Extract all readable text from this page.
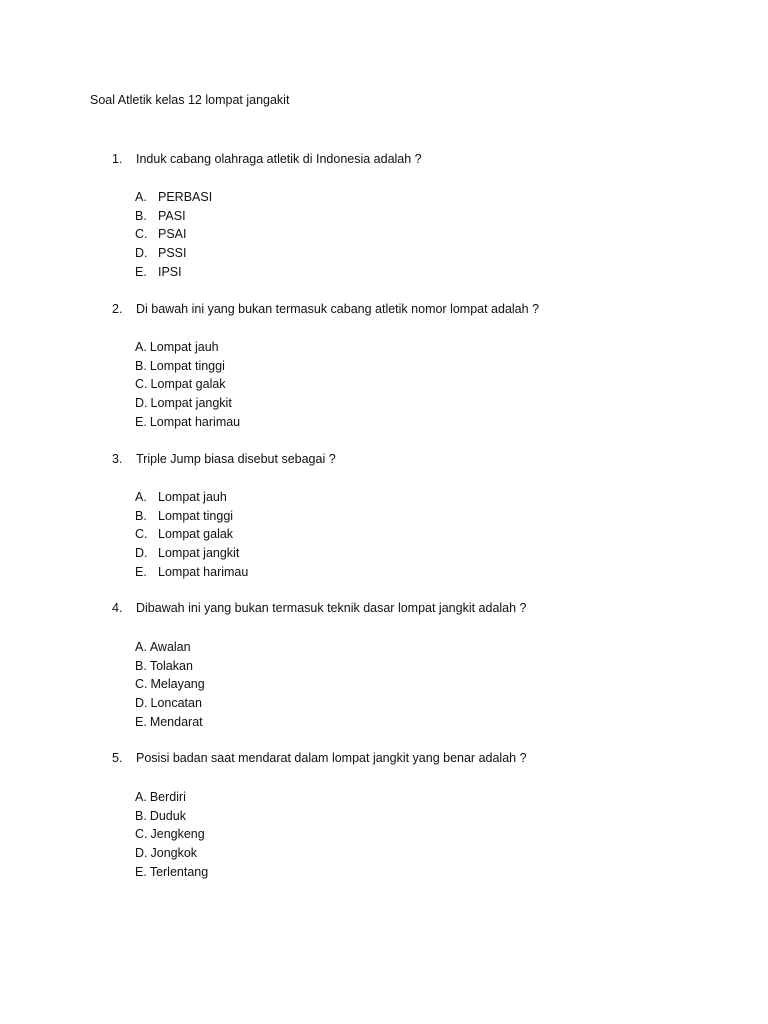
Soal Atletik kelas 12 lompat jangakit
1.	Induk cabang olahraga atletik di Indonesia adalah ?
A. PERBASI
B. PASI
C. PSAI
D. PSSI
E. IPSI
2.	Di bawah ini yang bukan termasuk cabang atletik nomor lompat adalah ?
A. Lompat jauh
B. Lompat tinggi
C. Lompat galak
D. Lompat jangkit
E. Lompat harimau
3.	Triple Jump biasa disebut sebagai ?
A. Lompat jauh
B. Lompat tinggi
C. Lompat galak
D. Lompat jangkit
E. Lompat harimau
4.	Dibawah ini yang bukan termasuk teknik dasar lompat jangkit adalah ?
A. Awalan
B. Tolakan
C. Melayang
D. Loncatan
E. Mendarat
5.	Posisi badan saat mendarat dalam lompat jangkit yang benar adalah ?
A. Berdiri
B. Duduk
C. Jengkeng
D. Jongkok
E. Terlentang
